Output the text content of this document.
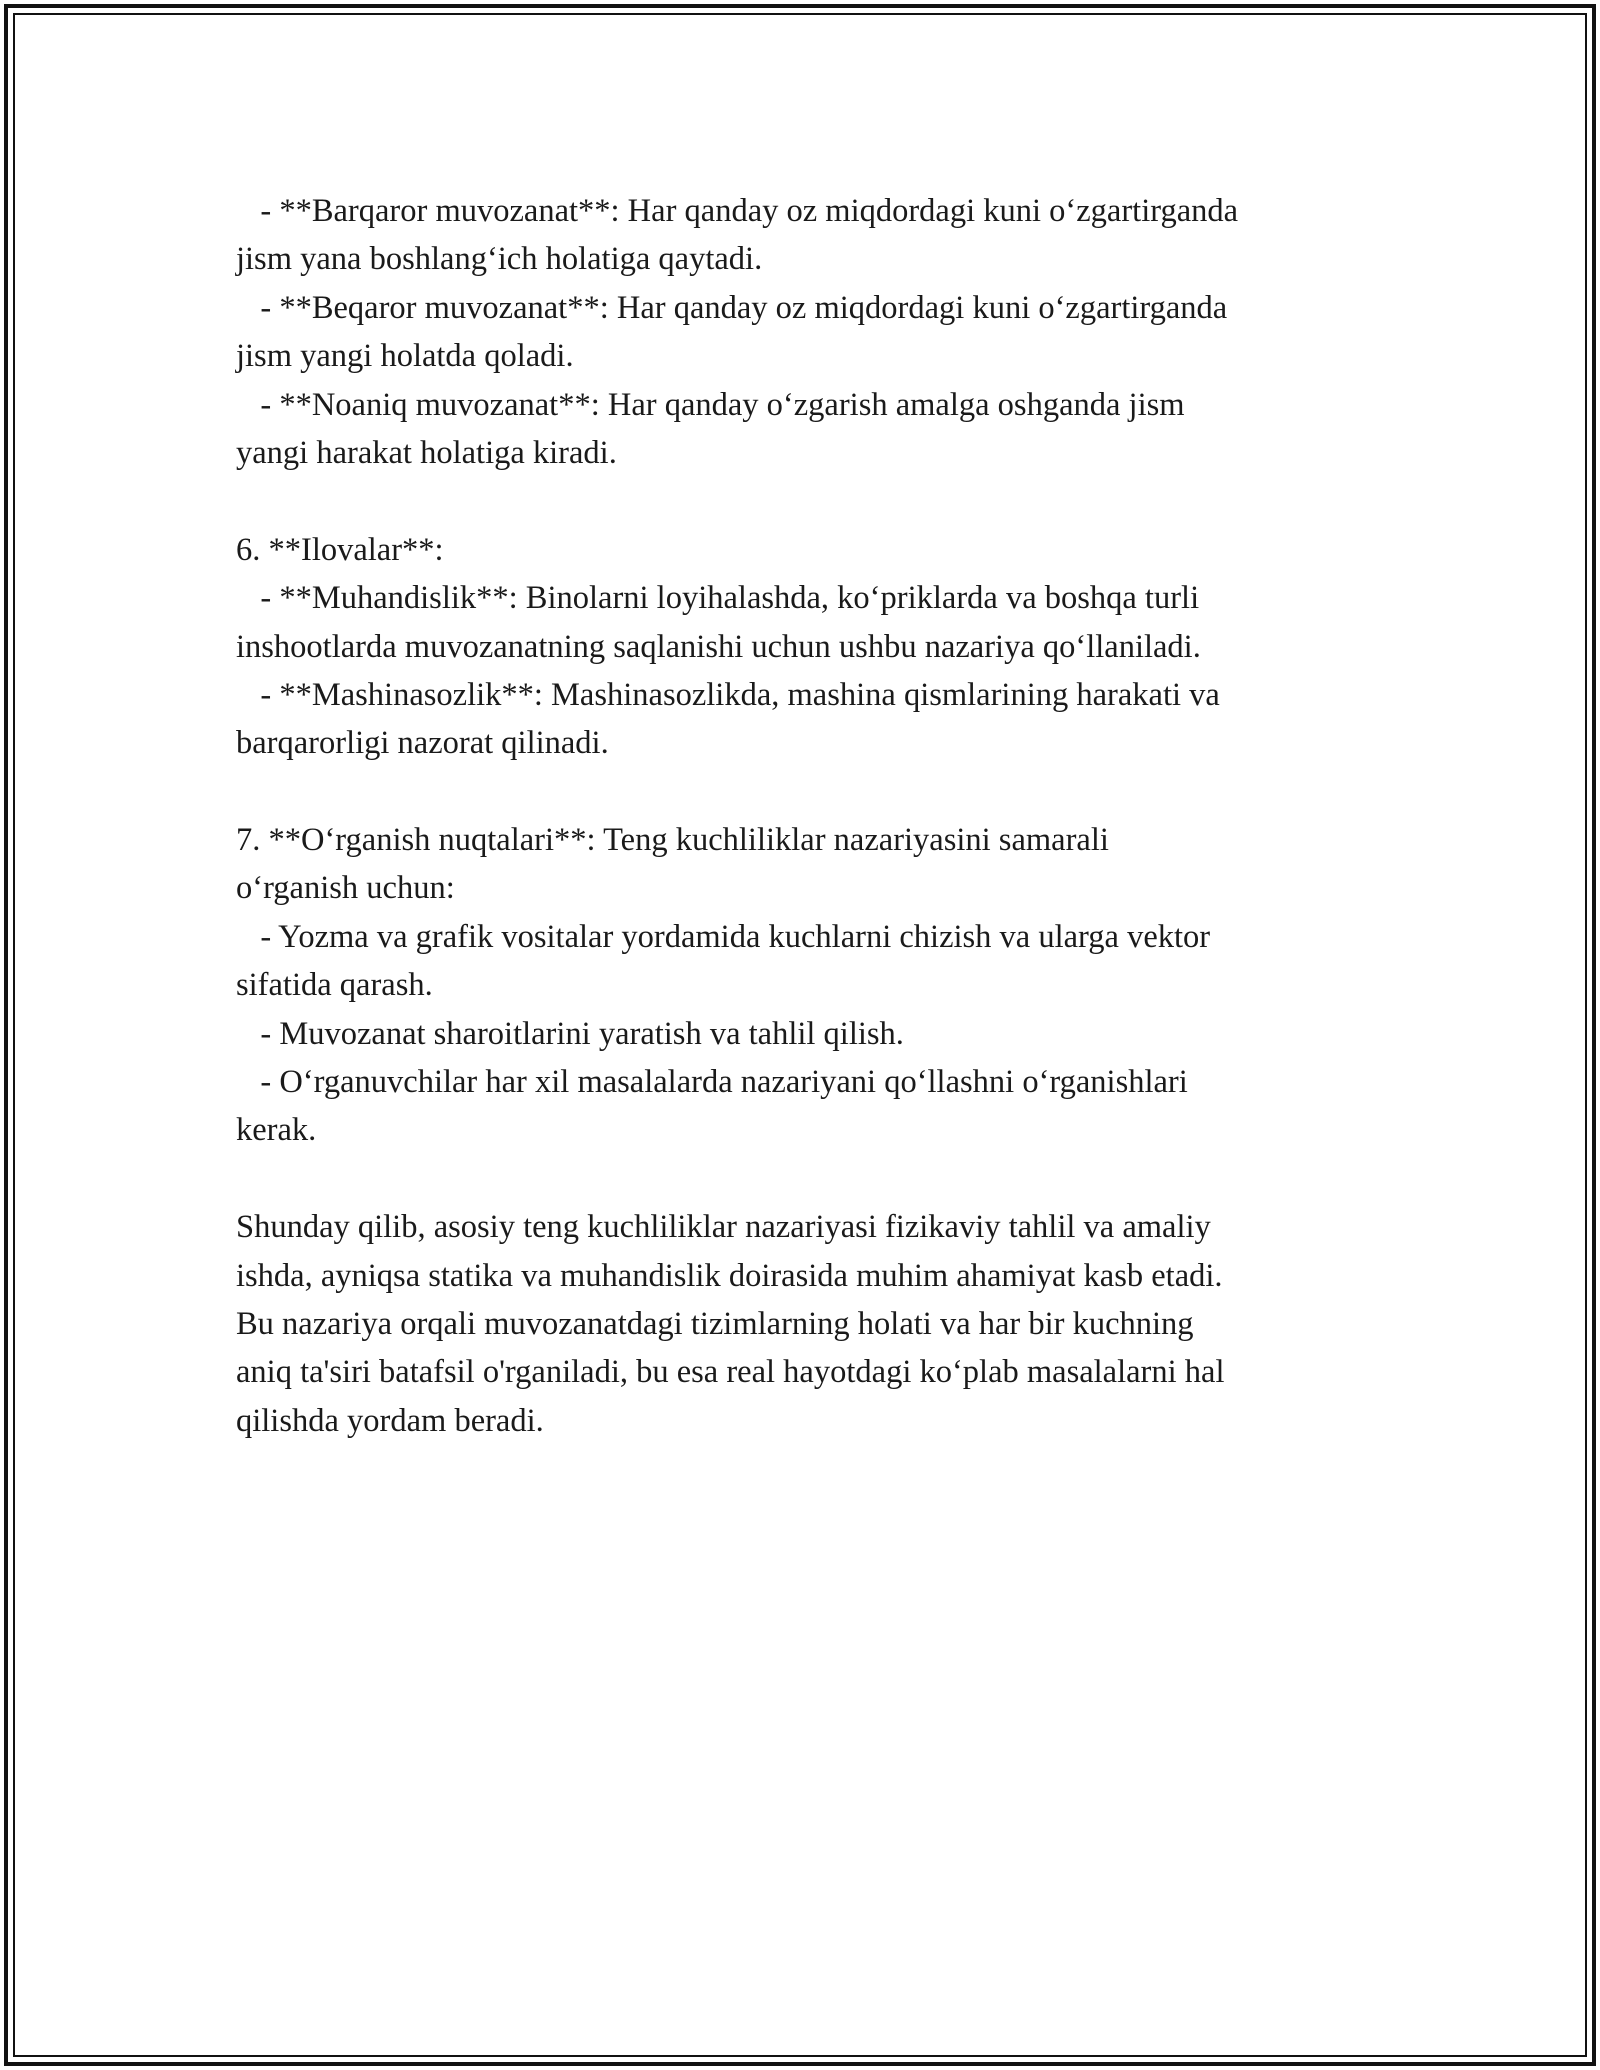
- **Barqaror muvozanat**: Har qanday oz miqdordagi kuni o‘zgartirganda
jism yana boshlang‘ich holatiga qaytadi.
- **Beqaror muvozanat**: Har qanday oz miqdordagi kuni o‘zgartirganda
jism yangi holatda qoladi.
- **Noaniq muvozanat**: Har qanday o‘zgarish amalga oshganda jism
yangi harakat holatiga kiradi.
6. **Ilovalar**:
- **Muhandislik**: Binolarni loyihalashda, ko‘priklarda va boshqa turli
inshootlarda muvozanatning saqlanishi uchun ushbu nazariya qo‘llaniladi.
- **Mashinasozlik**: Mashinasozlikda, mashina qismlarining harakati va
barqarorligi nazorat qilinadi.
7. **O‘rganish nuqtalari**: Teng kuchliliklar nazariyasini samarali
o‘rganish uchun:
- Yozma va grafik vositalar yordamida kuchlarni chizish va ularga vektor
sifatida qarash.
- Muvozanat sharoitlarini yaratish va tahlil qilish.
- O‘rganuvchilar har xil masalalarda nazariyani qo‘llashni o‘rganishlari
kerak.
Shunday qilib, asosiy teng kuchliliklar nazariyasi fizikaviy tahlil va amaliy
ishda, ayniqsa statika va muhandislik doirasida muhim ahamiyat kasb etadi.
Bu nazariya orqali muvozanatdagi tizimlarning holati va har bir kuchning
aniq ta'siri batafsil o'rganiladi, bu esa real hayotdagi ko‘plab masalalarni hal
qilishda yordam beradi.
